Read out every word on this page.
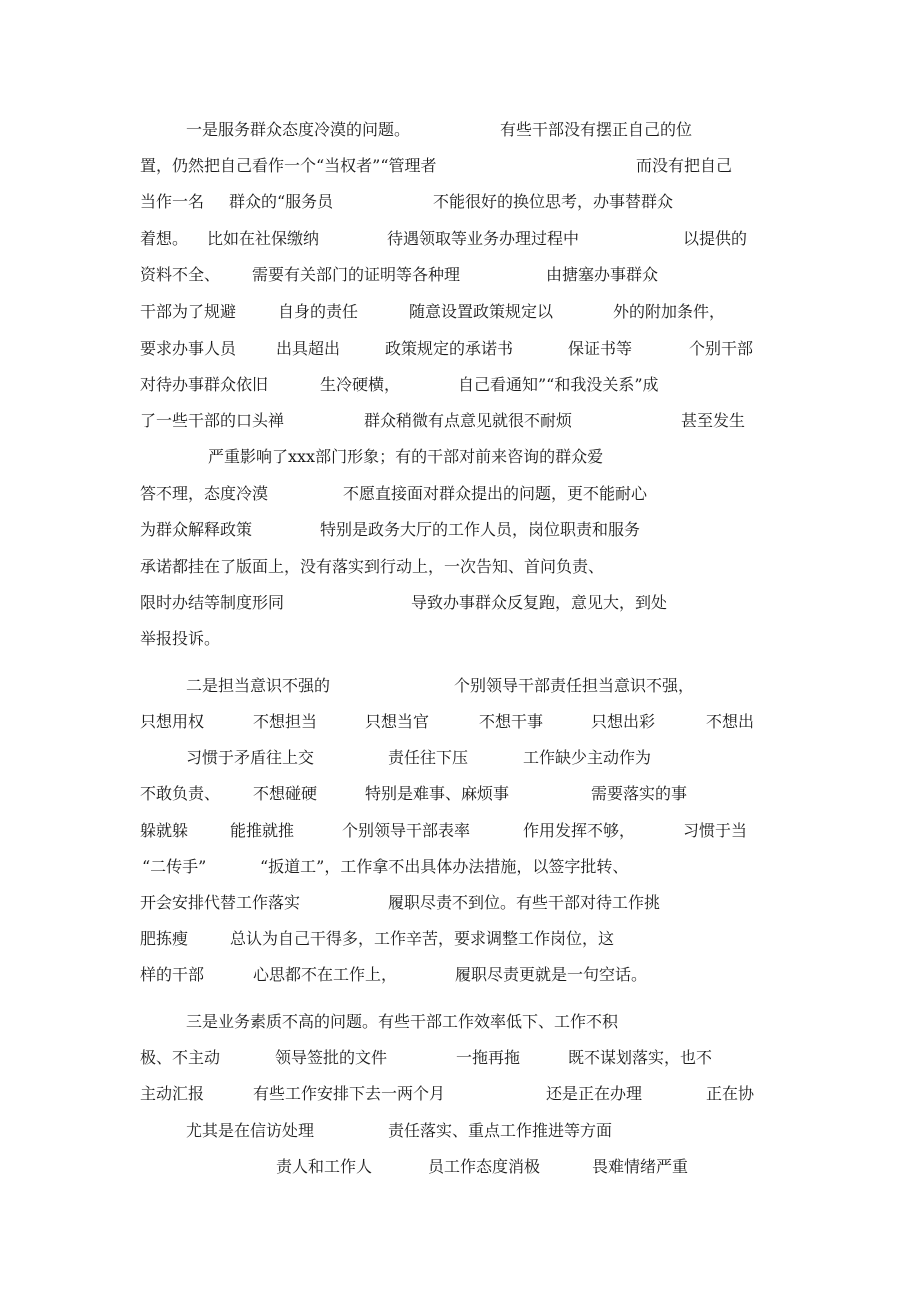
一是服务群众态度冷漠的问题。	有些干部没有摆正自己的位
置，仍然把自己看作一个“当权者”“管理者	而没有把自己
当作一名 群众的“服务员	不能很好的换位思考，办事替群众
着想。 比如在社保缴纳	待遇领取等业务办理过程中	以提供的
资料不全、 需要有关部门的证明等各种理	由搪塞办事群众
干部为了规避	自身的责任	随意设置政策规定以	外的附加条件，
要求办事人员 出具超出	政策规定的承诺书	保证书等	个别干部
对待办事群众依旧	生冷硬横，	自己看通知”“和我没关系”成
了一些干部的口头禅	群众稍微有点意见就很不耐烦	甚至发生
严重影响了xxx部门形象；有的干部对前来咨询的群众爱
答不理，态度冷漠	不愿直接面对群众提出的问题，更不能耐心
为群众解释政策	特别是政务大厅的工作人员，岗位职责和服务
承诺都挂在了版面上，没有落实到行动上，一次告知、首问负责、
限时办结等制度形同	导致办事群众反复跑，意见大，到处
举报投诉。
二是担当意识不强的	个别领导干部责任担当意识不强，
只想用权	不想担当	只想当官	不想干事	只想出彩	不想出
习惯于矛盾往上交	责任往下压	工作缺少主动作为
不敢负责、 不想碰硬	特别是难事、麻烦事	需要落实的事
躲就躲	能推就推	个别领导干部表率	作用发挥不够，	习惯于当
“二传手”	“扳道工”，工作拿不出具体办法措施，以签字批转、
开会安排代替工作落实	履职尽责不到位。有些干部对待工作挑
肥拣瘦	总认为自己干得多，工作辛苦，要求调整工作岗位，这
样的干部	心思都不在工作上，	履职尽责更就是一句空话。
三是业务素质不高的问题。有些干部工作效率低下、工作不积
极、不主动	领导签批的文件	一拖再拖	既不谋划落实，也不
主动汇报	有些工作安排下去一两个月	还是正在办理	正在协
尤其是在信访处理	责任落实、重点工作推进等方面
责人和工作人	员工作态度消极	畏难情绪严重
